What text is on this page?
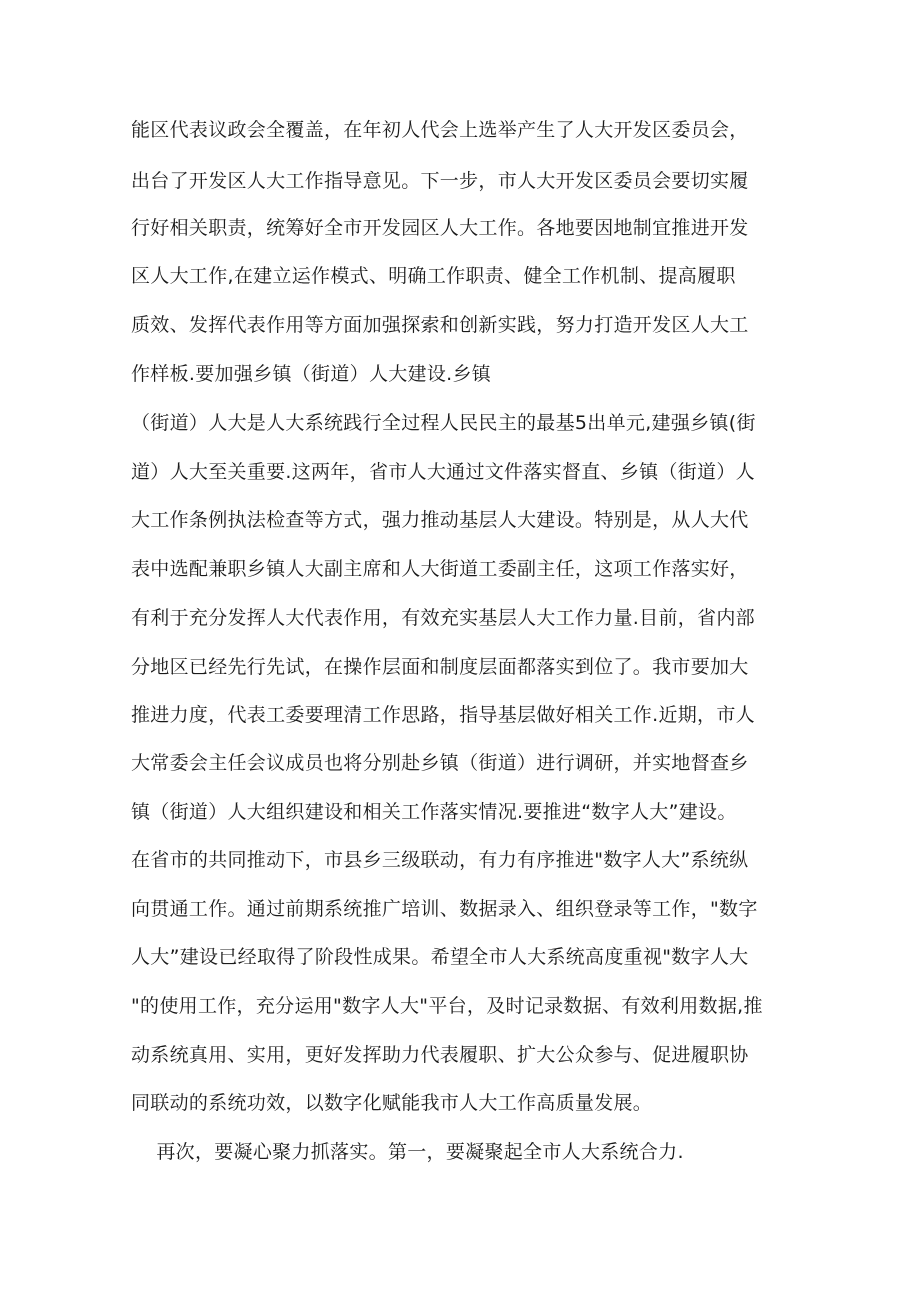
能区代表议政会全覆盖，在年初人代会上选举产生了人大开发区委员会，

出台了开发区人大工作指导意见。下一步，市人大开发区委员会要切实履

行好相关职责，统筹好全市开发园区人大工作。各地要因地制宜推进开发

区人大工作,在建立运作模式、明确工作职责、健全工作机制、提高履职

质效、发挥代表作用等方面加强探索和创新实践，努力打造开发区人大工

作样板.要加强乡镇（街道）人大建设.乡镇

（街道）人大是人大系统践行全过程人民民主的最基5出单元,建强乡镇(街

道）人大至关重要.这两年，省市人大通过文件落实督直、乡镇（街道）人

大工作条例执法检查等方式，强力推动基层人大建设。特别是，从人大代

表中选配兼职乡镇人大副主席和人大街道工委副主任，这项工作落实好，

有利于充分发挥人大代表作用，有效充实基层人大工作力量.目前，省内部

分地区已经先行先试，在操作层面和制度层面都落实到位了。我市要加大

推进力度，代表工委要理清工作思路，指导基层做好相关工作.近期，市人

大常委会主任会议成员也将分别赴乡镇（街道）进行调研，并实地督查乡

镇（街道）人大组织建设和相关工作落实情况.要推进“数字人大”建设。

在省市的共同推动下，市县乡三级联动，有力有序推进"数字人大”系统纵

向贯通工作。通过前期系统推广培训、数据录入、组织登录等工作，"数字

人大”建设已经取得了阶段性成果。希望全市人大系统高度重视"数字人大

"的使用工作，充分运用"数字人大"平台，及时记录数据、有效利用数据,推

动系统真用、实用，更好发挥助力代表履职、扩大公众参与、促进履职协

同联动的系统功效，以数字化赋能我市人大工作高质量发展。

再次，要凝心聚力抓落实。第一，要凝聚起全市人大系统合力.
